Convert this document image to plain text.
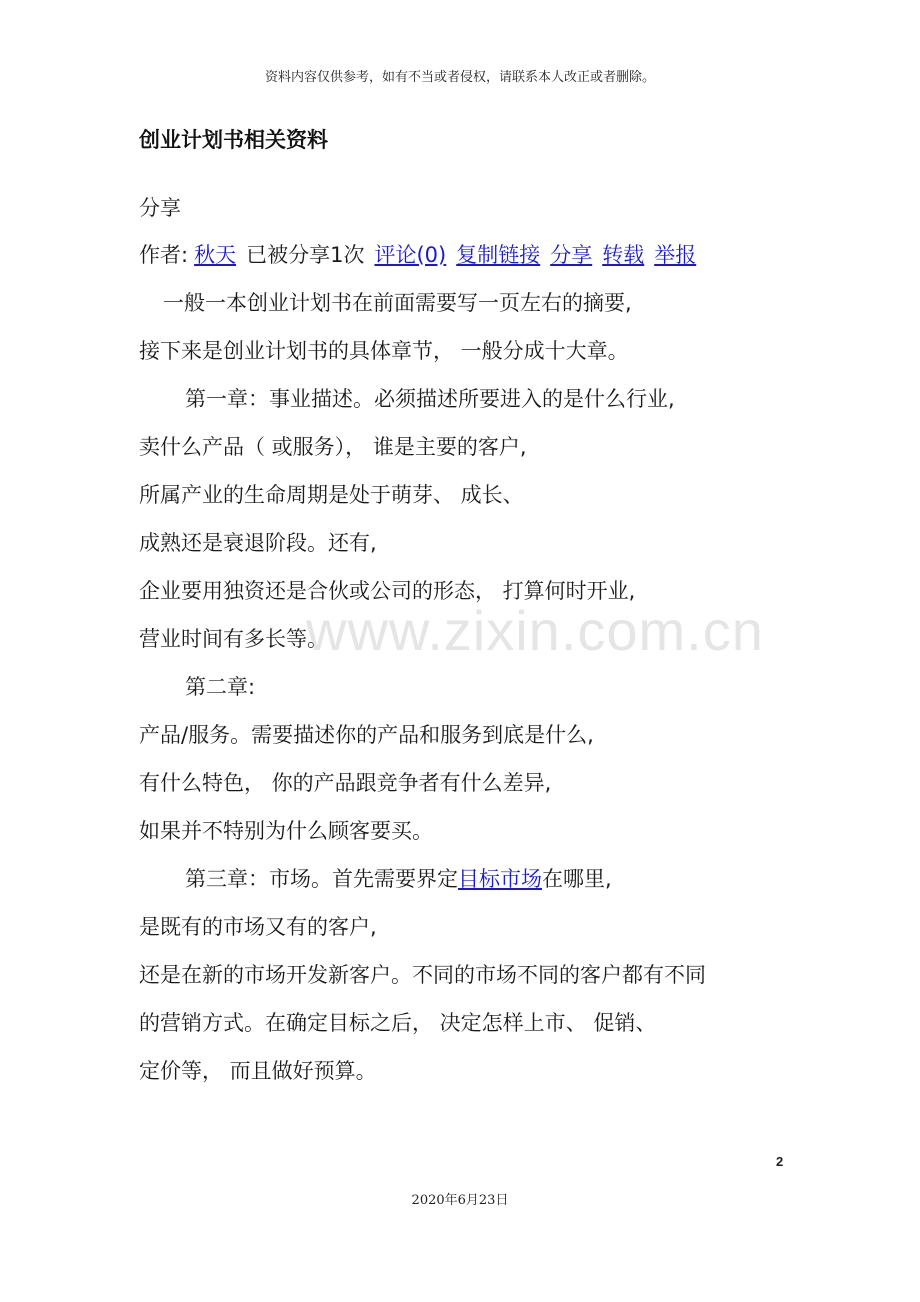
资料内容仅供参考，如有不当或者侵权，请联系本人改正或者删除。
创业计划书相关资料
分享
作者: 秋天 已被分享1次 评论(0) 复制链接 分享 转载 举报
一般一本创业计划书在前面需要写一页左右的摘要,
接下来是创业计划书的具体章节， 一般分成十大章。
第一章：事业描述。必须描述所要进入的是什么行业,
卖什么产品（ 或服务）， 谁是主要的客户,
所属产业的生命周期是处于萌芽、 成长、
成熟还是衰退阶段。还有,
企业要用独资还是合伙或公司的形态， 打算何时开业,
营业时间有多长等。
第二章:
产品/服务。需要描述你的产品和服务到底是什么,
有什么特色， 你的产品跟竞争者有什么差异,
如果并不特别为什么顾客要买。
第三章：市场。首先需要界定目标市场在哪里,
是既有的市场又有的客户,
还是在新的市场开发新客户。不同的市场不同的客户都有不同
的营销方式。在确定目标之后， 决定怎样上市、 促销、
定价等， 而且做好预算。
www.zixin.com.cn
2
2020年6月23日
